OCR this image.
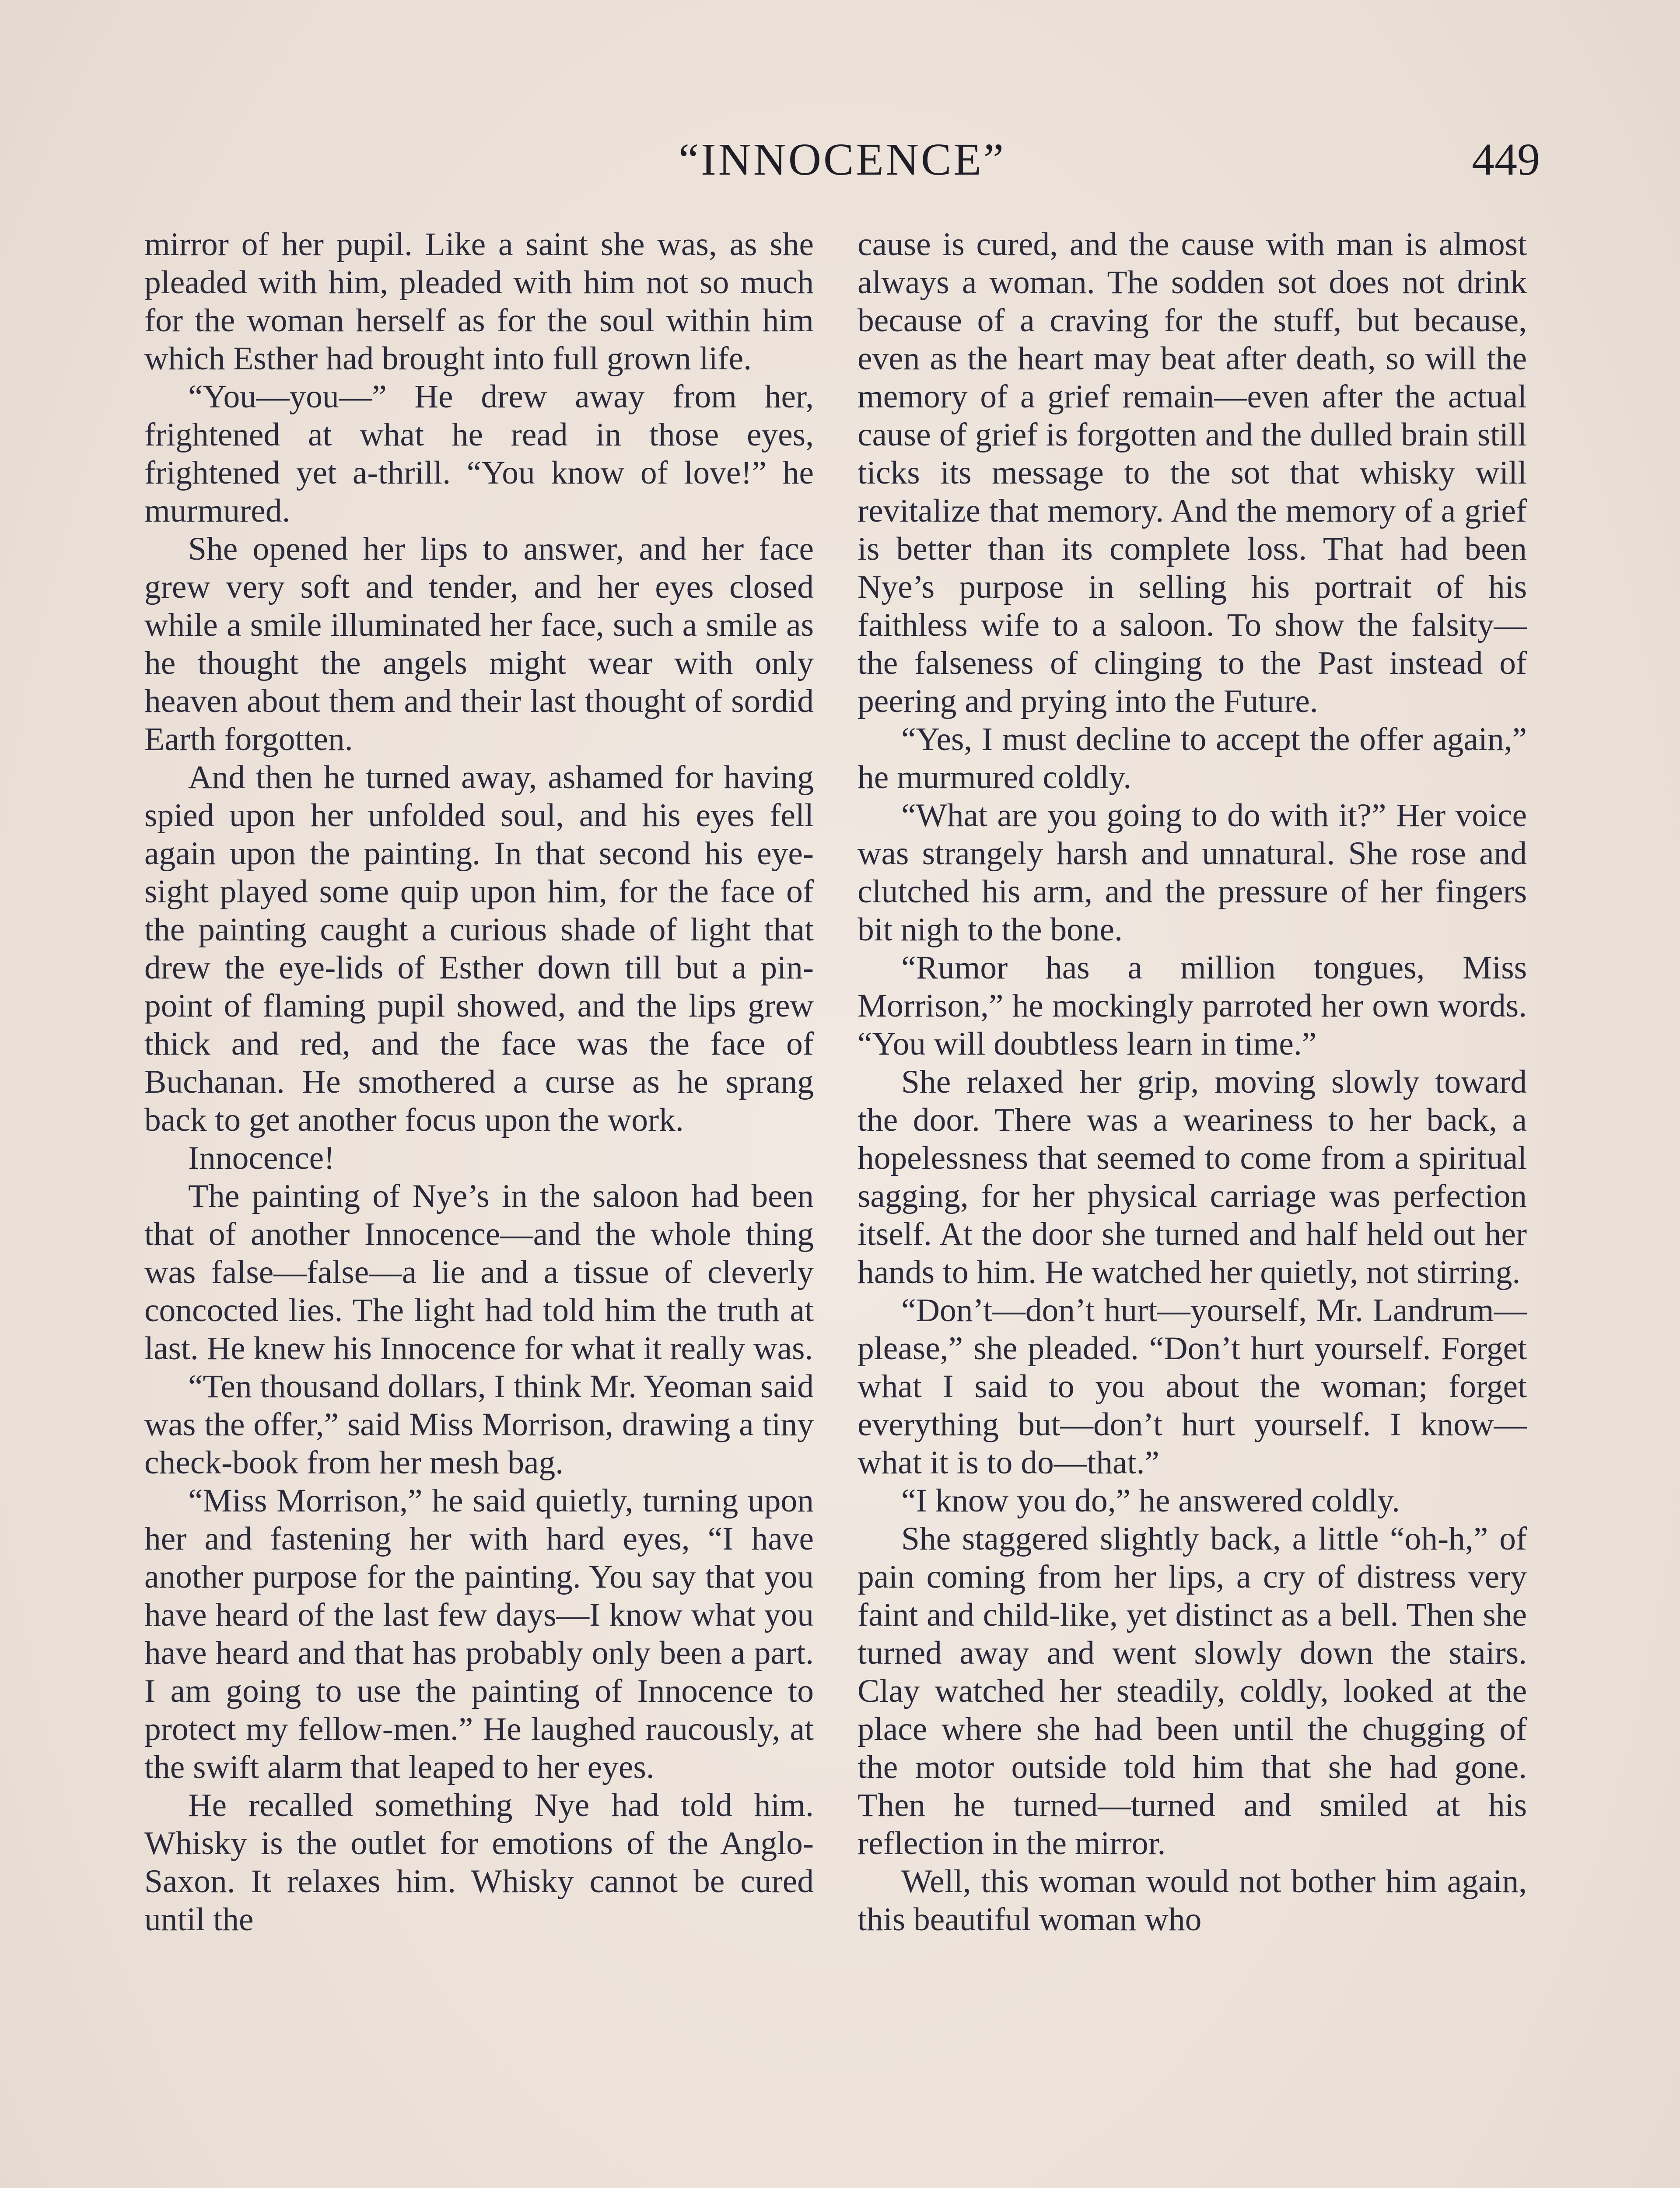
“INNOCENCE”	449

mirror of her pupil. Like a saint she was, as she pleaded with him, pleaded with him not so much for the woman herself as for the soul within him which Esther had brought into full grown life.

“You—you—” He drew away from her, frightened at what he read in those eyes, frightened yet a-thrill. “You know of love!” he murmured.

She opened her lips to answer, and her face grew very soft and tender, and her eyes closed while a smile illuminated her face, such a smile as he thought the angels might wear with only heaven about them and their last thought of sordid Earth forgotten.

And then he turned away, ashamed for having spied upon her unfolded soul, and his eyes fell again upon the painting. In that second his eye-sight played some quip upon him, for the face of the painting caught a curious shade of light that drew the eye-lids of Esther down till but a pin-point of flaming pupil showed, and the lips grew thick and red, and the face was the face of Buchanan. He smothered a curse as he sprang back to get another focus upon the work.

Innocence!

The painting of Nye’s in the saloon had been that of another Innocence—and the whole thing was false—false—a lie and a tissue of cleverly concocted lies. The light had told him the truth at last. He knew his Innocence for what it really was.

“Ten thousand dollars, I think Mr. Yeoman said was the offer,” said Miss Morrison, drawing a tiny check-book from her mesh bag.

“Miss Morrison,” he said quietly, turning upon her and fastening her with hard eyes, “I have another purpose for the painting. You say that you have heard of the last few days—I know what you have heard and that has probably only been a part. I am going to use the painting of Innocence to protect my fellow-men.” He laughed raucously, at the swift alarm that leaped to her eyes.

He recalled something Nye had told him. Whisky is the outlet for emotions of the Anglo-Saxon. It relaxes him. Whisky cannot be cured until the

cause is cured, and the cause with man is almost always a woman. The sodden sot does not drink because of a craving for the stuff, but because, even as the heart may beat after death, so will the memory of a grief remain—even after the actual cause of grief is forgotten and the dulled brain still ticks its message to the sot that whisky will revitalize that memory. And the memory of a grief is better than its complete loss. That had been Nye’s purpose in selling his portrait of his faithless wife to a saloon. To show the falsity—the falseness of clinging to the Past instead of peering and prying into the Future.

“Yes, I must decline to accept the offer again,” he murmured coldly.

“What are you going to do with it?” Her voice was strangely harsh and unnatural. She rose and clutched his arm, and the pressure of her fingers bit nigh to the bone.

“Rumor has a million tongues, Miss Morrison,” he mockingly parroted her own words. “You will doubtless learn in time.”

She relaxed her grip, moving slowly toward the door. There was a weariness to her back, a hopelessness that seemed to come from a spiritual sagging, for her physical carriage was perfection itself. At the door she turned and half held out her hands to him. He watched her quietly, not stirring.

“Don’t—don’t hurt—yourself, Mr. Landrum—please,” she pleaded. “Don’t hurt yourself. Forget what I said to you about the woman; forget everything but—don’t hurt yourself. I know—what it is to do—that.”

“I know you do,” he answered coldly.

She staggered slightly back, a little “oh-h,” of pain coming from her lips, a cry of distress very faint and child-like, yet distinct as a bell. Then she turned away and went slowly down the stairs. Clay watched her steadily, coldly, looked at the place where she had been until the chugging of the motor outside told him that she had gone. Then he turned—turned and smiled at his reflection in the mirror.

Well, this woman would not bother him again, this beautiful woman who
